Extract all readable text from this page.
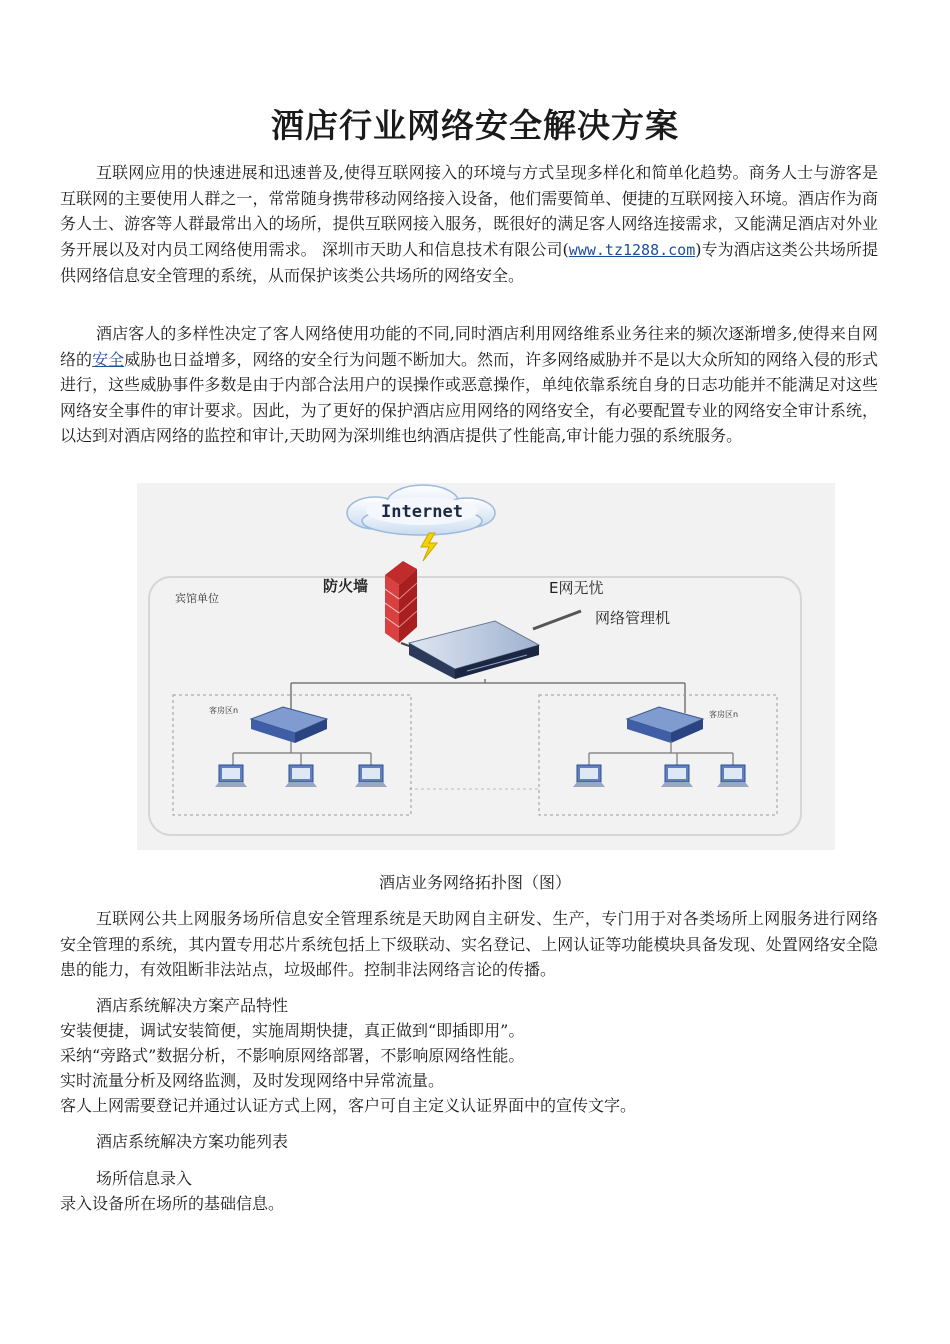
酒店行业网络安全解决方案

互联网应用的快速进展和迅速普及,使得互联网接入的环境与方式呈现多样化和简单化趋势。商务人士与游客是互联网的主要使用人群之一，常常随身携带移动网络接入设备，他们需要简单、便捷的互联网接入环境。酒店作为商务人士、游客等人群最常出入的场所，提供互联网接入服务，既很好的满足客人网络连接需求，又能满足酒店对外业务开展以及对内员工网络使用需求。 深圳市天助人和信息技术有限公司(www.tz1288.com)专为酒店这类公共场所提供网络信息安全管理的系统，从而保护该类公共场所的网络安全。

酒店客人的多样性决定了客人网络使用功能的不同,同时酒店利用网络维系业务往来的频次逐渐增多,使得来自网络的安全威胁也日益增多，网络的安全行为问题不断加大。然而，许多网络威胁并不是以大众所知的网络入侵的形式进行，这些威胁事件多数是由于内部合法用户的误操作或恶意操作，单纯依靠系统自身的日志功能并不能满足对这些网络安全事件的审计要求。因此，为了更好的保护酒店应用网络的网络安全，有必要配置专业的网络安全审计系统，以达到对酒店网络的监控和审计,天助网为深圳维也纳酒店提供了性能高,审计能力强的系统服务。

宾馆单位
Internet
防火墙	E网无忧
网络管理机
客房区n	客房区n
酒店业务网络拓扑图（图）

互联网公共上网服务场所信息安全管理系统是天助网自主研发、生产，专门用于对各类场所上网服务进行网络安全管理的系统，其内置专用芯片系统包括上下级联动、实名登记、上网认证等功能模块具备发现、处置网络安全隐患的能力，有效阻断非法站点，垃圾邮件。控制非法网络言论的传播。

酒店系统解决方案产品特性
安装便捷，调试安装简便，实施周期快捷，真正做到“即插即用”。
采纳“旁路式”数据分析，不影响原网络部署，不影响原网络性能。
实时流量分析及网络监测，及时发现网络中异常流量。
客人上网需要登记并通过认证方式上网，客户可自主定义认证界面中的宣传文字。
酒店系统解决方案功能列表
场所信息录入
录入设备所在场所的基础信息。
